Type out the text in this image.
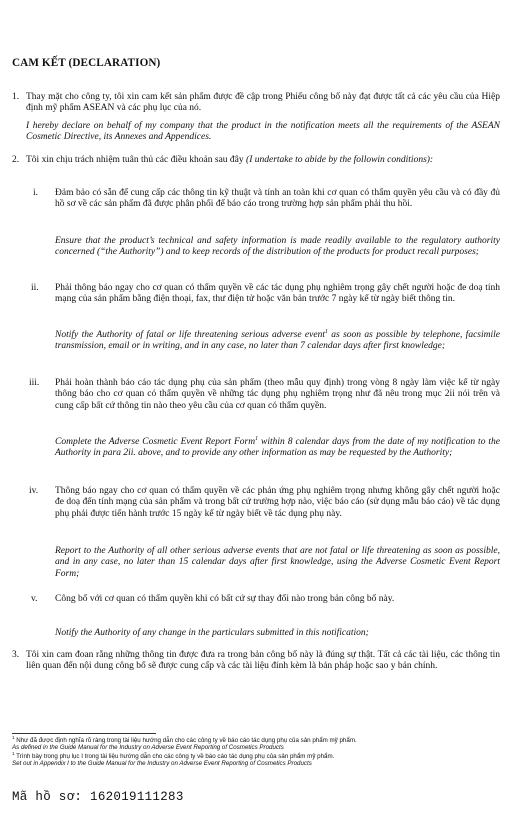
CAM KẾT (DECLARATION)
1. Thay mặt cho công ty, tôi xin cam kết sản phẩm được đề cập trong Phiếu công bố này đạt được tất cả các yêu cầu của Hiệp định mỹ phẩm ASEAN và các phụ lục của nó.
I hereby declare on behalf of my company that the product in the notification meets all the requirements of the ASEAN Cosmetic Directive, its Annexes and Appendices.
2. Tôi xin chịu trách nhiệm tuân thủ các điều khoản sau đây (I undertake to abide by the followin conditions):
i. Đảm bảo có sẵn để cung cấp các thông tin kỹ thuật và tính an toàn khi cơ quan có thẩm quyền yêu cầu và có đầy đủ hồ sơ về các sản phẩm đã được phân phối để báo cáo trong trường hợp sản phẩm phải thu hồi.
Ensure that the product’s technical and safety information is made readily available to the regulatory authority concerned (“the Authority”) and to keep records of the distribution of the products for product recall purposes;
ii. Phải thông báo ngay cho cơ quan có thẩm quyền về các tác dụng phụ nghiêm trọng gây chết người hoặc đe doạ tính mạng của sản phẩm bằng điện thoại, fax, thư điện tử hoặc văn bản trước 7 ngày kể từ ngày biết thông tin.
Notify the Authority of fatal or life threatening serious adverse event$^1$ as soon as possible by telephone, facsimile transmission, email or in writing, and in any case, no later than 7 calendar days after first knowledge;
iii. Phải hoàn thành báo cáo tác dụng phụ của sản phẩm (theo mẫu quy định) trong vòng 8 ngày làm việc kể từ ngày thông báo cho cơ quan có thẩm quyền về những tác dụng phụ nghiêm trọng như đã nêu trong mục 2ii nói trên và cung cấp bất cứ thông tin nào theo yêu cầu của cơ quan có thẩm quyền.
Complete the Adverse Cosmetic Event Report Form$^1$ within 8 calendar days from the date of my notification to the Authority in para 2ii. above, and to provide any other information as may be requested by the Authority;
iv. Thông báo ngay cho cơ quan có thẩm quyền về các phản ứng phụ nghiêm trọng nhưng không gây chết người hoặc đe doạ đến tính mạng của sản phẩm và trong bất cứ trường hợp nào, việc báo cáo (sử dụng mẫu báo cáo) về tác dụng phụ phải được tiến hành trước 15 ngày kể từ ngày biết về tác dụng phụ này.
Report to the Authority of all other serious adverse events that are not fatal or life threatening as soon as possible, and in any case, no later than 15 calendar days after first knowledge, using the Adverse Cosmetic Event Report Form;
v. Công bố với cơ quan có thẩm quyền khi có bất cứ sự thay đổi nào trong bản công bố này.
Notify the Authority of any change in the particulars submitted in this notification;
3. Tôi xin cam đoan rằng những thông tin được đưa ra trong bản công bố này là đúng sự thật. Tất cả các tài liệu, các thông tin liên quan đến nội dung công bố sẽ được cung cấp và các tài liệu đính kèm là bản pháp hoặc sao y bản chính.
$^1$ Như đã được định nghĩa rõ ràng trong tài liệu hướng dẫn cho các công ty về báo cáo tác dụng phụ của sản phẩm mỹ phẩm.
As defined in the Guide Manual for the Industry on Adverse Event Reporting of Cosmetics Products
$^1$ Trình bày trong phụ lục I trong tài liệu hướng dẫn cho các công ty về báo cáo tác dụng phụ của sản phẩm mỹ phẩm.
Set out in Appendix I to the Guide Manual for the Industry on Adverse Event Reporting of Cosmetics Products
Mã hồ sơ: 162019111283
